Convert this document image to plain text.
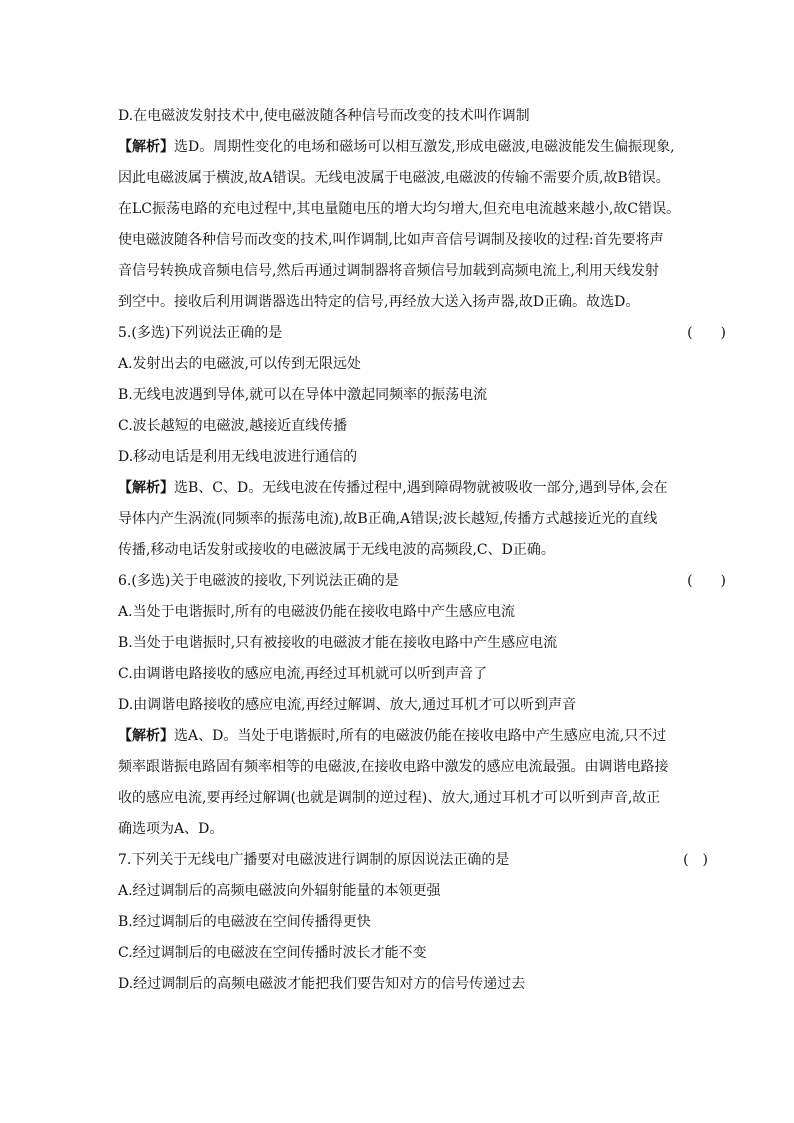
D.在电磁波发射技术中,使电磁波随各种信号而改变的技术叫作调制
【解析】选D。周期性变化的电场和磁场可以相互激发,形成电磁波,电磁波能发生偏振现象,
因此电磁波属于横波,故A错误。无线电波属于电磁波,电磁波的传输不需要介质,故B错误。
在LC振荡电路的充电过程中,其电量随电压的增大均匀增大,但充电电流越来越小,故C错误。
使电磁波随各种信号而改变的技术,叫作调制,比如声音信号调制及接收的过程:首先要将声
音信号转换成音频电信号,然后再通过调制器将音频信号加载到高频电流上,利用天线发射
到空中。接收后利用调谐器选出特定的信号,再经放大送入扬声器,故D正确。故选D。
5.(多选)下列说法正确的是	(　　)
A.发射出去的电磁波,可以传到无限远处
B.无线电波遇到导体,就可以在导体中激起同频率的振荡电流
C.波长越短的电磁波,越接近直线传播
D.移动电话是利用无线电波进行通信的
【解析】选B、C、D。无线电波在传播过程中,遇到障碍物就被吸收一部分,遇到导体,会在
导体内产生涡流(同频率的振荡电流),故B正确,A错误;波长越短,传播方式越接近光的直线
传播,移动电话发射或接收的电磁波属于无线电波的高频段,C、D正确。
6.(多选)关于电磁波的接收,下列说法正确的是	(　　)
A.当处于电谐振时,所有的电磁波仍能在接收电路中产生感应电流
B.当处于电谐振时,只有被接收的电磁波才能在接收电路中产生感应电流
C.由调谐电路接收的感应电流,再经过耳机就可以听到声音了
D.由调谐电路接收的感应电流,再经过解调、放大,通过耳机才可以听到声音
【解析】选A、D。当处于电谐振时,所有的电磁波仍能在接收电路中产生感应电流,只不过
频率跟谐振电路固有频率相等的电磁波,在接收电路中激发的感应电流最强。由调谐电路接
收的感应电流,要再经过解调(也就是调制的逆过程)、放大,通过耳机才可以听到声音,故正
确选项为A、D。
7.下列关于无线电广播要对电磁波进行调制的原因说法正确的是	(　)
A.经过调制后的高频电磁波向外辐射能量的本领更强
B.经过调制后的电磁波在空间传播得更快
C.经过调制后的电磁波在空间传播时波长才能不变
D.经过调制后的高频电磁波才能把我们要告知对方的信号传递过去
